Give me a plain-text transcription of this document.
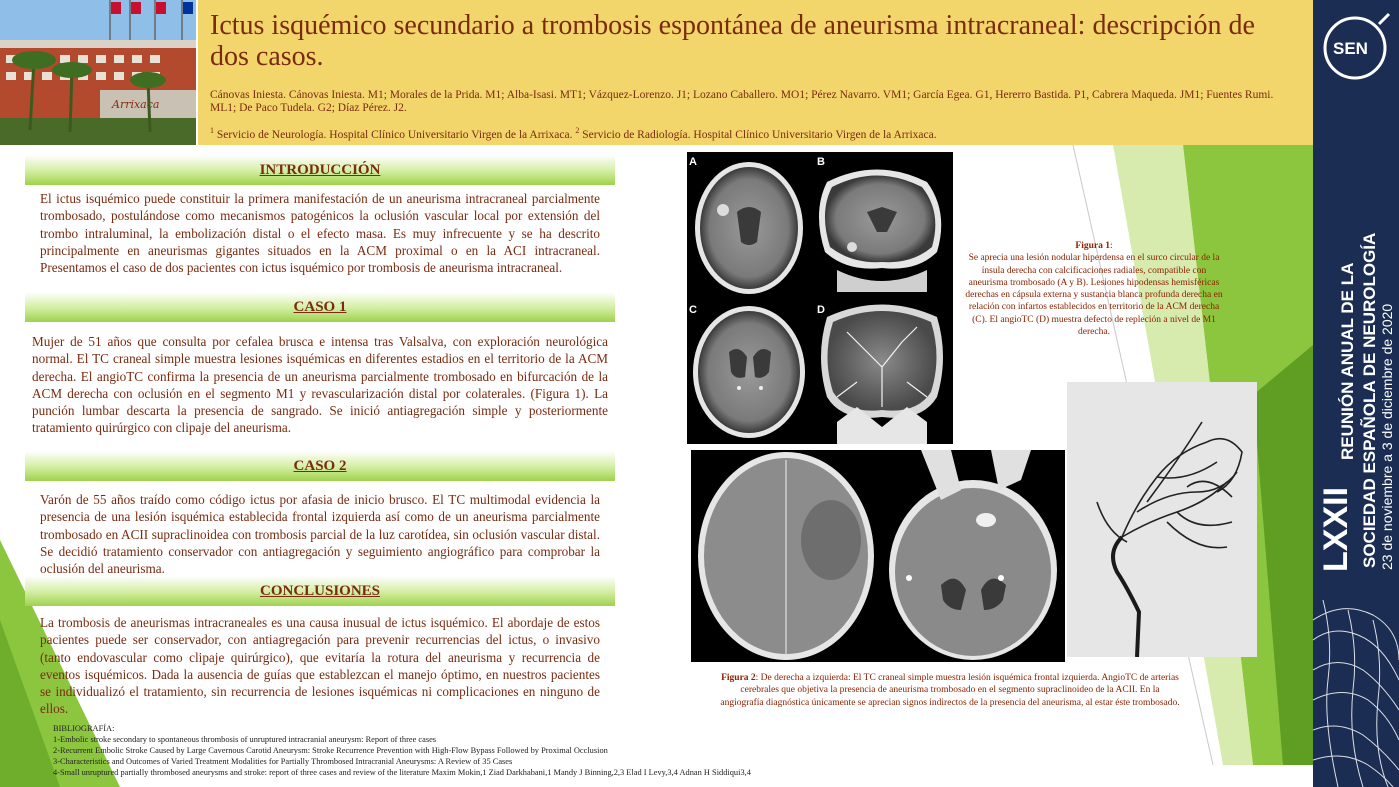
Arrixaca
Ictus isquémico secundario a trombosis espontánea de aneurisma intracraneal: descripción de dos casos.
Cánovas Iniesta. Cánovas Iniesta. M1; Morales de la Prida. M1; Alba-Isasi. MT1; Vázquez-Lorenzo. J1; Lozano Caballero. MO1; Pérez Navarro. VM1; García Egea. G1, Hererro Bastida. P1, Cabrera Maqueda. JM1; Fuentes Rumi. ML1; De Paco Tudela. G2; Díaz Pérez. J2.
$^1$ Servicio de Neurología. Hospital Clínico Universitario Virgen de la Arrixaca. $^2$ Servicio de Radiología. Hospital Clínico Universitario Virgen de la Arrixaca.
SEN
LXXII
REUNIÓN ANUAL DE LA SOCIEDAD ESPAÑOLA DE NEUROLOGÍA 23 de noviembre a 3 de diciembre de 2020
INTRODUCCIÓN
El ictus isquémico puede constituir la primera manifestación de un aneurisma intracraneal parcialmente trombosado, postulándose como mecanismos patogénicos la oclusión vascular local por extensión del trombo intraluminal, la embolización distal o el efecto masa. Es muy infrecuente y se ha descrito principalmente en aneurismas gigantes situados en la ACM proximal o en la ACI intracraneal. Presentamos el caso de dos pacientes con ictus isquémico por trombosis de aneurisma intracraneal.
CASO 1
Mujer de 51 años que consulta por cefalea brusca e intensa tras Valsalva, con exploración neurológica normal. El TC craneal simple muestra lesiones isquémicas en diferentes estadios en el territorio de la ACM derecha. El angioTC confirma la presencia de un aneurisma parcialmente trombosado en bifurcación de la ACM derecha con oclusión en el segmento M1 y revascularización distal por colaterales. (Figura 1). La punción lumbar descarta la presencia de sangrado. Se inició antiagregación simple y posteriormente tratamiento quirúrgico con clipaje del aneurisma.
CASO 2
Varón de 55 años traído como código ictus por afasia de inicio brusco. El TC multimodal evidencia la presencia de una lesión isquémica establecida frontal izquierda así como de un aneurisma parcialmente trombosado en ACII supraclinoidea con trombosis parcial de la luz carotídea, sin oclusión vascular distal. Se decidió tratamiento conservador con antiagregación y seguimiento angiográfico para comprobar la oclusión del aneurisma.
CONCLUSIONES
La trombosis de aneurismas intracraneales es una causa inusual de ictus isquémico. El abordaje de estos pacientes puede ser conservador, con antiagregación para prevenir recurrencias del ictus, o invasivo (tanto endovascular como clipaje quirúrgico), que evitaría la rotura del aneurisma y recurrencia de eventos isquémicos. Dada la ausencia de guías que establezcan el manejo óptimo, en nuestros pacientes se individualizó el tratamiento, sin recurrencia de lesiones isquémicas ni complicaciones en ninguno de ellos.
BIBLIOGRAFÍA:
1-Embolic stroke secondary to spontaneous thrombosis of unruptured intracranial aneurysm: Report of three cases
2-Recurrent Embolic Stroke Caused by Large Cavernous Carotid Aneurysm: Stroke Recurrence Prevention with High-Flow Bypass Followed by Proximal Occlusion
3-Characteristics and Outcomes of Varied Treatment Modalities for Partially Thrombosed Intracranial Aneurysms: A Review of 35 Cases
4-Small unruptured partially thrombosed aneurysms and stroke: report of three cases and review of the literature Maxim Mokin,1 Ziad Darkhabani,1 Mandy J Binning,2,3 Elad I Levy,3,4 Adnan H Siddiqui3,4
A	B
C	D
Figura 1:
Se aprecia una lesión nodular hiperdensa en el surco circular de la ínsula derecha con calcificaciones radiales, compatible con aneurisma trombosado (A y B). Lesiones hipodensas hemisféricas derechas en cápsula externa y sustancia blanca profunda derecha en relación con infartos establecidos en territorio de la ACM derecha (C). El angioTC (D) muestra defecto de repleción a nivel de M1 derecha.
Figura 2: De derecha a izquierda: El TC craneal simple muestra lesión isquémica frontal izquierda. AngioTC de arterias cerebrales que objetiva la presencia de aneurisma trombosado en el segmento supraclinoideo de la ACII. En la angiografía diagnóstica únicamente se aprecian signos indirectos de la presencia del aneurisma, al estar éste trombosado.
